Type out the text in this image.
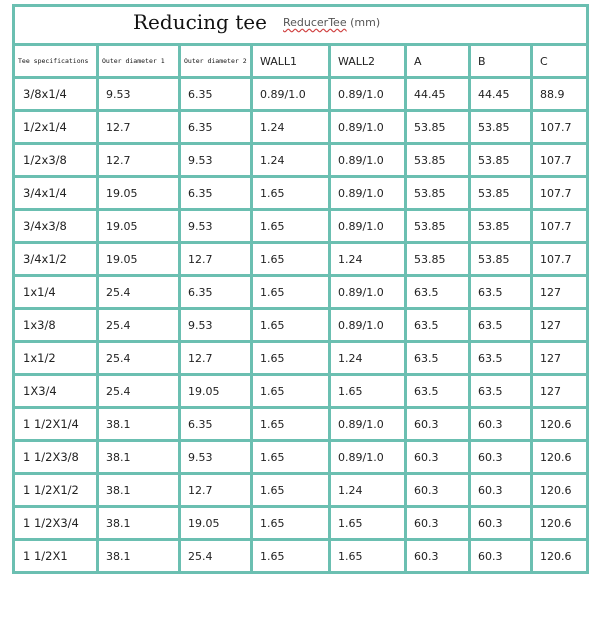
Reducing tee ReducerTee (mm)							

Tee specifications	Outer diameter 1	Outer diameter 2	WALL1	WALL2	A	B	C
3/8x1/4	9.53	6.35	0.89/1.0	0.89/1.0	44.45	44.45	88.9
1/2x1/4	12.7	6.35	1.24	0.89/1.0	53.85	53.85	107.7
1/2x3/8	12.7	9.53	1.24	0.89/1.0	53.85	53.85	107.7
3/4x1/4	19.05	6.35	1.65	0.89/1.0	53.85	53.85	107.7
3/4x3/8	19.05	9.53	1.65	0.89/1.0	53.85	53.85	107.7
3/4x1/2	19.05	12.7	1.65	1.24	53.85	53.85	107.7
1x1/4	25.4	6.35	1.65	0.89/1.0	63.5	63.5	127
1x3/8	25.4	9.53	1.65	0.89/1.0	63.5	63.5	127
1x1/2	25.4	12.7	1.65	1.24	63.5	63.5	127
1X3/4	25.4	19.05	1.65	1.65	63.5	63.5	127
1 1/2X1/4	38.1	6.35	1.65	0.89/1.0	60.3	60.3	120.6
1 1/2X3/8	38.1	9.53	1.65	0.89/1.0	60.3	60.3	120.6
1 1/2X1/2	38.1	12.7	1.65	1.24	60.3	60.3	120.6
1 1/2X3/4	38.1	19.05	1.65	1.65	60.3	60.3	120.6
1 1/2X1	38.1	25.4	1.65	1.65	60.3	60.3	120.6
